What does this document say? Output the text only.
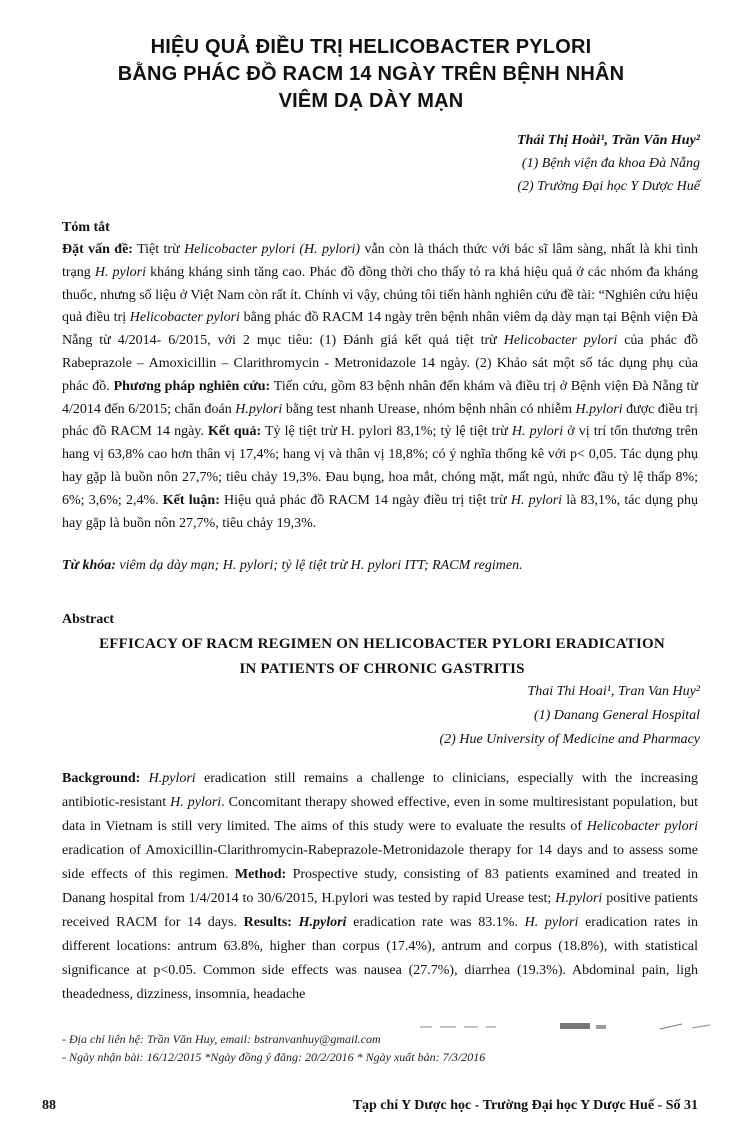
HIỆU QUẢ ĐIỀU TRỊ HELICOBACTER PYLORI
BẰNG PHÁC ĐỒ RACM 14 NGÀY TRÊN BỆNH NHÂN
VIÊM DẠ DÀY MẠN
Thái Thị Hoài¹, Trần Văn Huy²
(1) Bệnh viện đa khoa Đà Nẵng
(2) Trường Đại học Y Dược Huế
Tóm tắt
Đặt vấn đề: Tiệt trừ Helicobacter pylori (H. pylori) vẫn còn là thách thức với bác sĩ lâm sàng, nhất là khi tình trạng H. pylori kháng kháng sinh tăng cao. Phác đồ đồng thời cho thấy tỏ ra khá hiệu quả ở các nhóm đa kháng thuốc, nhưng số liệu ở Việt Nam còn rất ít. Chính vì vậy, chúng tôi tiến hành nghiên cứu đề tài: “Nghiên cứu hiệu quả điều trị Helicobacter pylori bằng phác đồ RACM 14 ngày trên bệnh nhân viêm dạ dày mạn tại Bệnh viện Đà Nẵng từ 4/2014- 6/2015, với 2 mục tiêu: (1) Đánh giá kết quả tiệt trừ Helicobacter pylori của phác đồ Rabeprazole – Amoxicillin – Clarithromycin - Metronidazole 14 ngày. (2) Khảo sát một số tác dụng phụ của phác đồ. Phương pháp nghiên cứu: Tiến cứu, gồm 83 bệnh nhân đến khám và điều trị ở Bệnh viện Đà Nẵng từ 4/2014 đến 6/2015; chẩn đoán H.pylori bằng test nhanh Urease, nhóm bệnh nhân có nhiễm H.pylori được điều trị phác đồ RACM 14 ngày. Kết quả: Tỷ lệ tiệt trừ H. pylori 83,1%; tỷ lệ tiệt trừ H. pylori ở vị trí tổn thương trên hang vị 63,8% cao hơn thân vị 17,4%; hang vị và thân vị 18,8%; có ý nghĩa thống kê với p< 0,05. Tác dụng phụ hay gặp là buồn nôn 27,7%; tiêu chảy 19,3%. Đau bụng, hoa mắt, chóng mặt, mất ngủ, nhức đầu tỷ lệ thấp 8%; 6%; 3,6%; 2,4%. Kết luận: Hiệu quả phác đồ RACM 14 ngày điều trị tiệt trừ H. pylori là 83,1%, tác dụng phụ hay gặp là buồn nôn 27,7%, tiêu chảy 19,3%.
Từ khóa: viêm dạ dày mạn; H. pylori; tỷ lệ tiệt trừ H. pylori ITT; RACM regimen.
Abstract
EFFICACY OF RACM REGIMEN ON HELICOBACTER PYLORI ERADICATION
IN PATIENTS OF CHRONIC GASTRITIS
Thai Thi Hoai¹, Tran Van Huy²
(1) Danang General Hospital
(2) Hue University of Medicine and Pharmacy
Background: H.pylori eradication still remains a challenge to clinicians, especially with the increasing antibiotic-resistant H. pylori. Concomitant therapy showed effective, even in some multiresistant population, but data in Vietnam is still very limited. The aims of this study were to evaluate the results of Helicobacter pylori eradication of Amoxicillin-Clarithromycin-Rabeprazole-Metronidazole therapy for 14 days and to assess some side effects of this regimen. Method: Prospective study, consisting of 83 patients examined and treated in Danang hospital from 1/4/2014 to 30/6/2015, H.pylori was tested by rapid Urease test; H.pylori positive patients received RACM for 14 days. Results: H.pylori eradication rate was 83.1%. H. pylori eradication rates in different locations: antrum 63.8%, higher than corpus (17.4%), antrum and corpus (18.8%), with statistical significance at p<0.05. Common side effects was nausea (27.7%), diarrhea (19.3%). Abdominal pain, ligh theadedness, dizziness, insomnia, headache
- Địa chỉ liên hệ: Trần Văn Huy, email: bstranvanhuy@gmail.com
- Ngày nhận bài: 16/12/2015 *Ngày đồng ý đăng: 20/2/2016 * Ngày xuất bản: 7/3/2016
88	Tạp chí Y Dược học - Trường Đại học Y Dược Huế - Số 31
